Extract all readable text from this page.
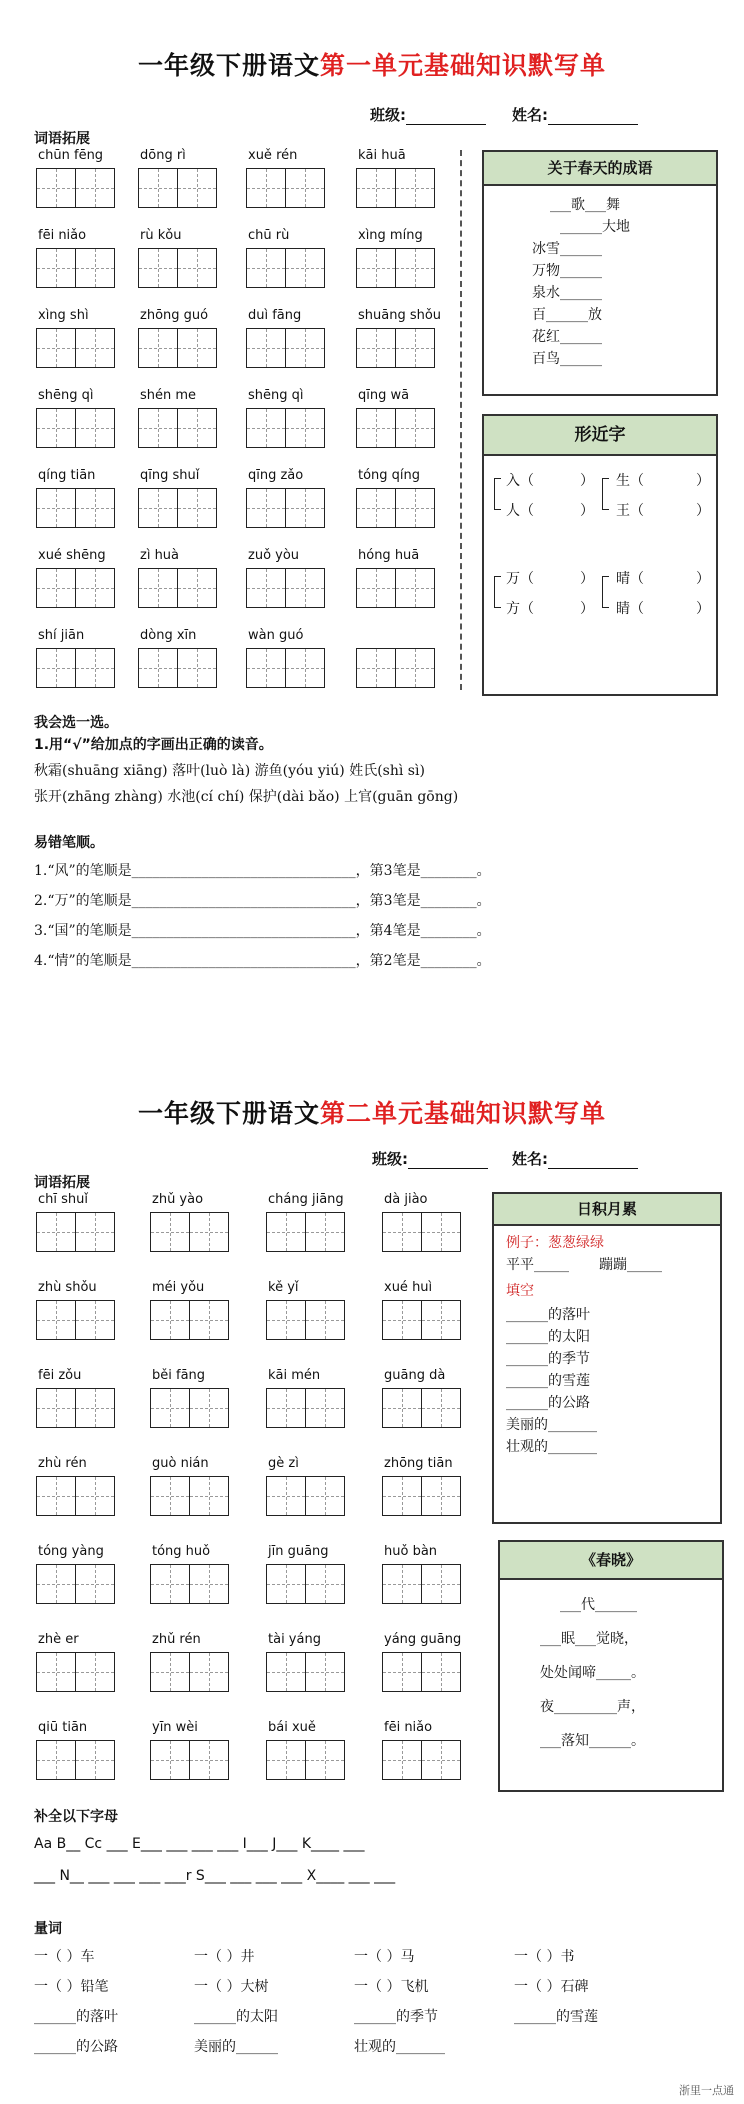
一年级下册语文第一单元基础知识默写单
班级:	姓名:
词语拓展
chūn fēng	dōng rì	xuě rén	kāi huā
fēi niǎo	rù kǒu	chū rù	xìng míng
xìng shì	zhōng guó	duì fāng	shuāng shǒu
shēng qì	shén me	shēng qì	qīng wā
qíng tiān	qīng shuǐ	qīng zǎo	tóng qíng
xué shēng	zì huà	zuǒ yòu	hóng huā
shí jiān	dòng xīn	wàn guó
关于春天的成语
___歌___舞
______大地
冰雪______
万物______
泉水______
百______放
花红______
百鸟______
形近字
入（	） 生（	）
人（	） 王（	）
万（	） 晴（	）
方（	） 睛（	）
我会选一选。
1.用“√”给加点的字画出正确的读音。
秋霜(shuāng xiāng) 落叶(luò là) 游鱼(yóu yiú) 姓氏(shì sì)
张开(zhāng zhàng) 水池(cí chí) 保护(dài bǎo) 上官(guān gōng)
易错笔顺。
1.“风”的笔顺是________________________________，第3笔是________。
2.“万”的笔顺是________________________________，第3笔是________。
3.“国”的笔顺是________________________________，第4笔是________。
4.“情”的笔顺是________________________________，第2笔是________。
一年级下册语文第二单元基础知识默写单
班级:	姓名:
词语拓展
chī shuǐ	zhǔ yào	cháng jiāng	dà jiào
zhù shǒu	méi yǒu	kě yǐ	xué huì
fēi zǒu	běi fāng	kāi mén	guāng dà
zhù rén	guò nián	gè zì	zhōng tiān
tóng yàng	tóng huǒ	jīn guāng	huǒ bàn
zhè er	zhǔ rén	tài yáng	yáng guāng
qiū tiān	yīn wèi	bái xuě	fēi niǎo
日积月累
例子：葱葱绿绿
平平_____ 蹦蹦_____
填空
______的落叶
______的太阳
______的季节
______的雪莲
______的公路
美丽的_______
壮观的_______
《春晓》
___代______
___眠___觉晓，
处处闻啼_____。
夜_________声，
___落知______。
补全以下字母
Aa B__ Cc ___ E___ ___ ___ ___ I___ J___ K____ ___
___ N__ ___ ___ ___ ___r S___ ___ ___ ___ X____ ___ ___
量词
一（ ）车	一（ ）井	一（ ）马	一（ ）书
一（ ）铅笔	一（ ）大树	一（ ）飞机	一（ ）石碑
______的落叶	______的太阳	______的季节	______的雪莲
______的公路	美丽的______	壮观的_______
浙里一点通
